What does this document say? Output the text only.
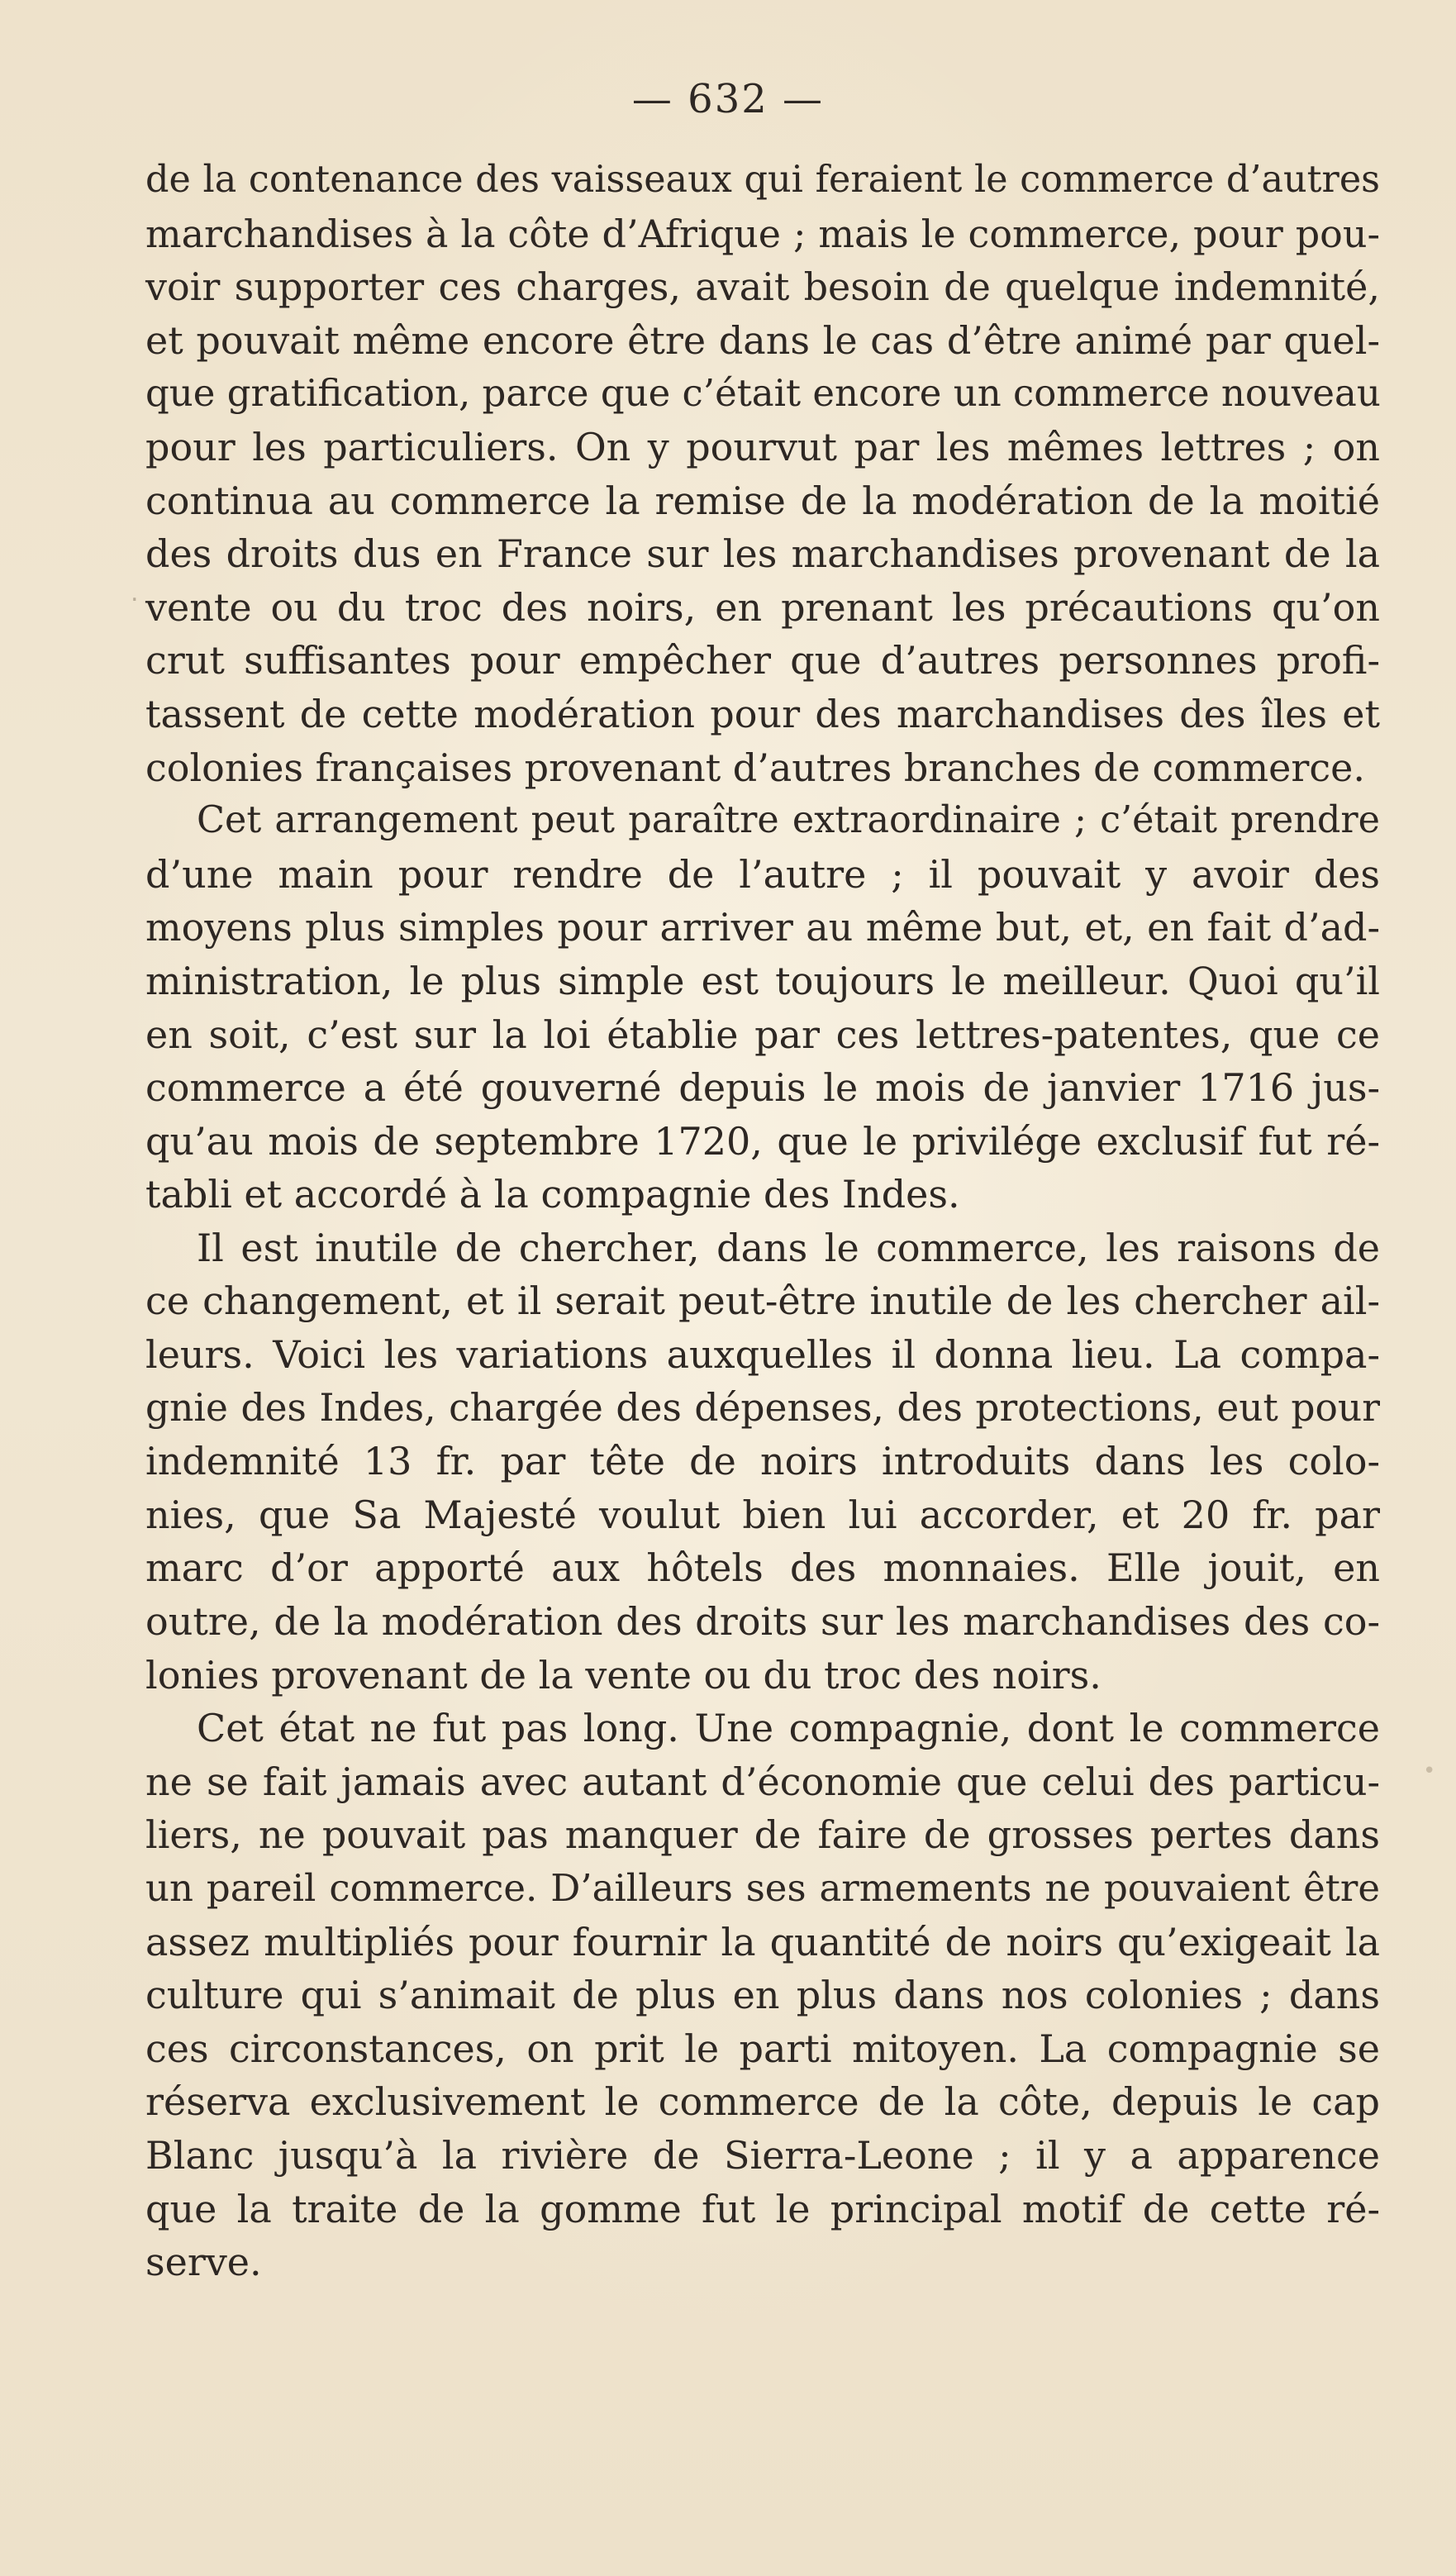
— 632 —
.
•
de la contenance des vaisseaux qui feraient le commerce d’autres
marchandises à la côte d’Afrique ; mais le commerce, pour pou-
voir supporter ces charges, avait besoin de quelque indemnité,
et pouvait même encore être dans le cas d’être animé par quel-
que gratification, parce que c’était encore un commerce nouveau
pour les particuliers. On y pourvut par les mêmes lettres ; on
continua au commerce la remise de la modération de la moitié
des droits dus en France sur les marchandises provenant de la
vente ou du troc des noirs, en prenant les précautions qu’on
crut suffisantes pour empêcher que d’autres personnes profi-
tassent de cette modération pour des marchandises des îles et
colonies françaises provenant d’autres branches de commerce.
Cet arrangement peut paraître extraordinaire ; c’était prendre
d’une main pour rendre de l’autre ; il pouvait y avoir des
moyens plus simples pour arriver au même but, et, en fait d’ad-
ministration, le plus simple est toujours le meilleur. Quoi qu’il
en soit, c’est sur la loi établie par ces lettres-patentes, que ce
commerce a été gouverné depuis le mois de janvier 1716 jus-
qu’au mois de septembre 1720, que le privilége exclusif fut ré-
tabli et accordé à la compagnie des Indes.
Il est inutile de chercher, dans le commerce, les raisons de
ce changement, et il serait peut-être inutile de les chercher ail-
leurs. Voici les variations auxquelles il donna lieu. La compa-
gnie des Indes, chargée des dépenses, des protections, eut pour
indemnité 13 fr. par tête de noirs introduits dans les colo-
nies, que Sa Majesté voulut bien lui accorder, et 20 fr. par
marc d’or apporté aux hôtels des monnaies. Elle jouit, en
outre, de la modération des droits sur les marchandises des co-
lonies provenant de la vente ou du troc des noirs.
Cet état ne fut pas long. Une compagnie, dont le commerce
ne se fait jamais avec autant d’économie que celui des particu-
liers, ne pouvait pas manquer de faire de grosses pertes dans
un pareil commerce. D’ailleurs ses armements ne pouvaient être
assez multipliés pour fournir la quantité de noirs qu’exigeait la
culture qui s’animait de plus en plus dans nos colonies ; dans
ces circonstances, on prit le parti mitoyen. La compagnie se
réserva exclusivement le commerce de la côte, depuis le cap
Blanc jusqu’à la rivière de Sierra-Leone ; il y a apparence
que la traite de la gomme fut le principal motif de cette ré-
serve.
